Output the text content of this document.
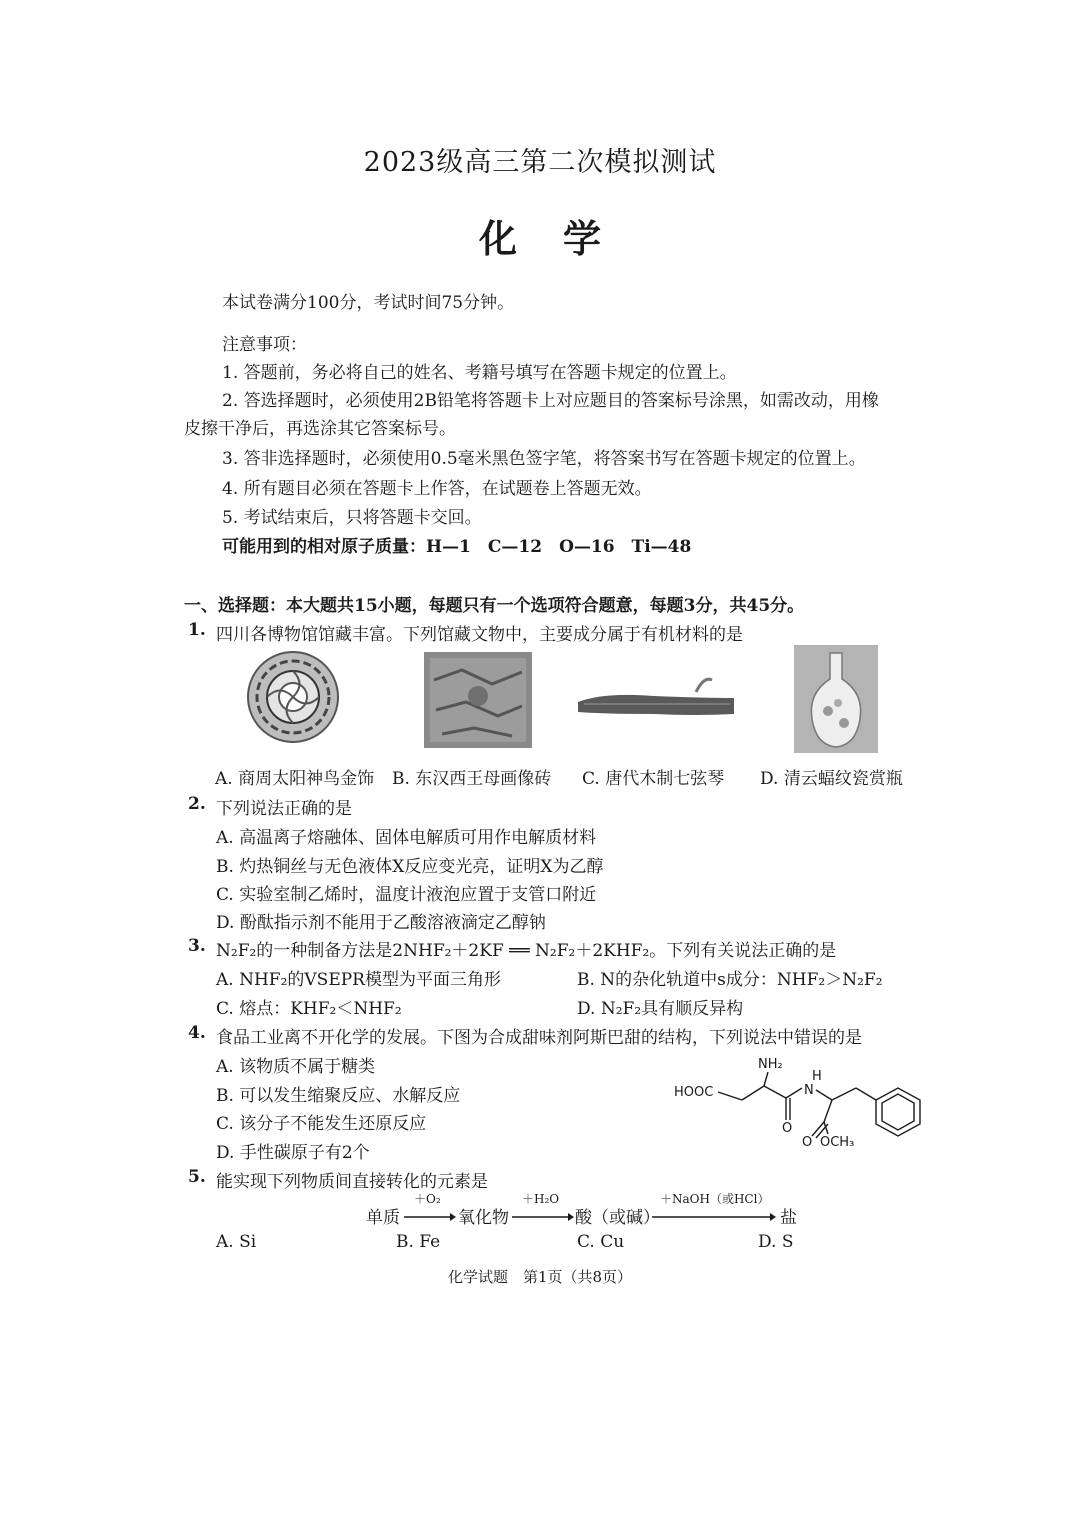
2023级高三第二次模拟测试
化学
本试卷满分100分，考试时间75分钟。
注意事项：
1. 答题前，务必将自己的姓名、考籍号填写在答题卡规定的位置上。
2. 答选择题时，必须使用2B铅笔将答题卡上对应题目的答案标号涂黑，如需改动，用橡
皮擦干净后，再选涂其它答案标号。
3. 答非选择题时，必须使用0.5毫米黑色签字笔，将答案书写在答题卡规定的位置上。
4. 所有题目必须在答题卡上作答，在试题卷上答题无效。
5. 考试结束后，只将答题卡交回。
可能用到的相对原子质量：H—1　C—12　O—16　Ti—48
一、选择题：本大题共15小题，每题只有一个选项符合题意，每题3分，共45分。
1. 四川各博物馆馆藏丰富。下列馆藏文物中，主要成分属于有机材料的是
A. 商周太阳神鸟金饰 B. 东汉西王母画像砖 C. 唐代木制七弦琴 D. 清云蝠纹瓷赏瓶
2. 下列说法正确的是
A. 高温离子熔融体、固体电解质可用作电解质材料
B. 灼热铜丝与无色液体X反应变光亮，证明X为乙醇
C. 实验室制乙烯时，温度计液泡应置于支管口附近
D. 酚酞指示剂不能用于乙酸溶液滴定乙醇钠
3. N₂F₂的一种制备方法是2NHF₂＋2KF ══ N₂F₂＋2KHF₂。下列有关说法正确的是
A. NHF₂的VSEPR模型为平面三角形	B. N的杂化轨道中s成分：NHF₂＞N₂F₂
C. 熔点：KHF₂＜NHF₂	D. N₂F₂具有顺反异构
4. 食品工业离不开化学的发展。下图为合成甜味剂阿斯巴甜的结构，下列说法中错误的是
A. 该物质不属于糖类
B. 可以发生缩聚反应、水解反应
C. 该分子不能发生还原反应
D. 手性碳原子有2个
NH₂
H
N
HOOC
O
O OCH₃
5. 能实现下列物质间直接转化的元素是
单质
＋O₂
氧化物
＋H₂O
酸（或碱）
＋NaOH（或HCl）
盐
A. Si	B. Fe	C. Cu	D. S
化学试题　第1页（共8页）
